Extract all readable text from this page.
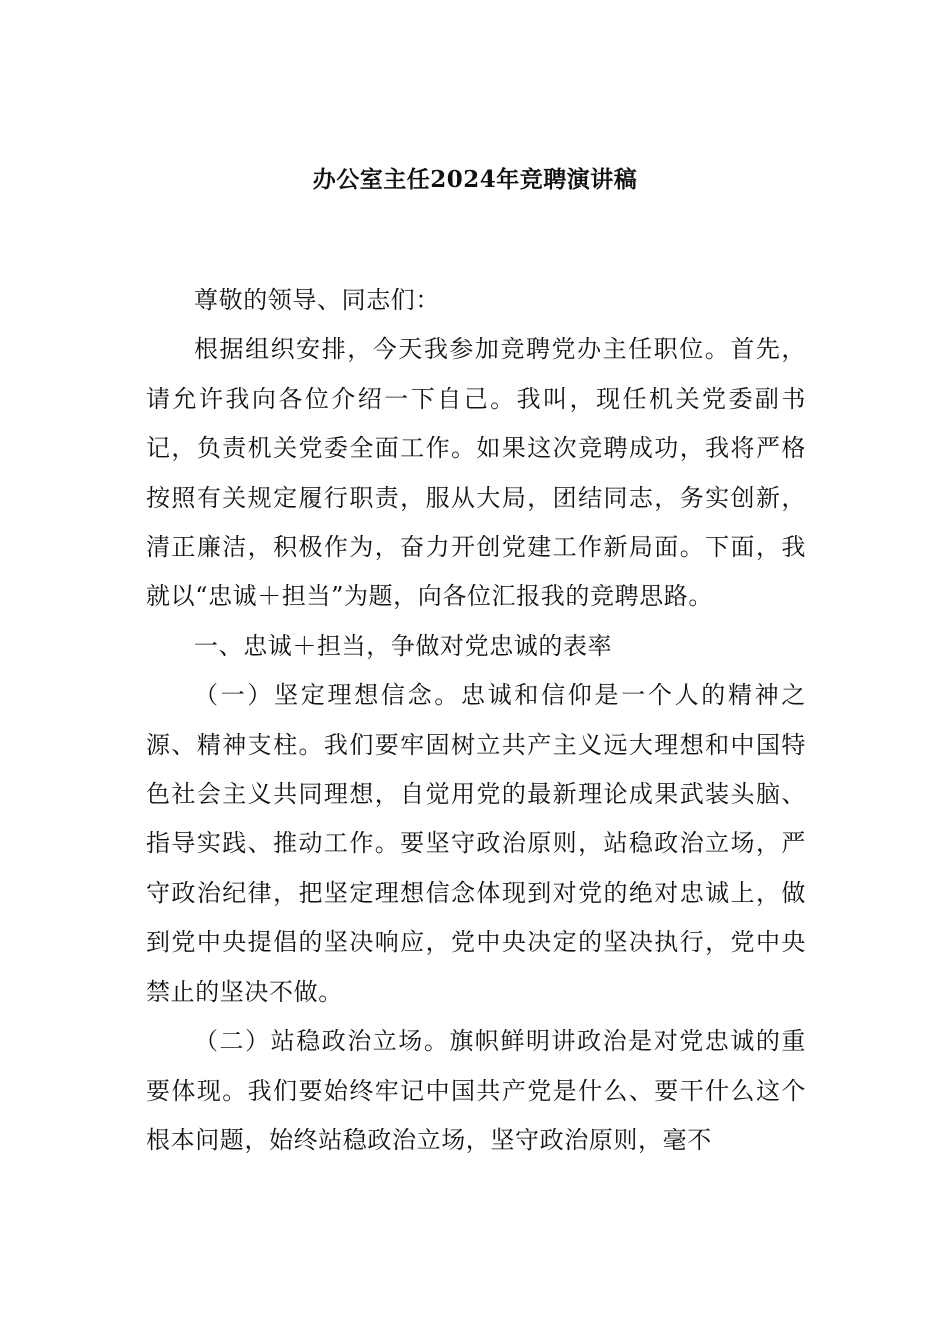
办公室主任2024年竞聘演讲稿

尊敬的领导、同志们：

根据组织安排，今天我参加竞聘党办主任职位。首先，请允许我向各位介绍一下自己。我叫，现任机关党委副书记，负责机关党委全面工作。如果这次竞聘成功，我将严格按照有关规定履行职责，服从大局，团结同志，务实创新，清正廉洁，积极作为，奋力开创党建工作新局面。下面，我就以“忠诚＋担当”为题，向各位汇报我的竞聘思路。

一、忠诚＋担当，争做对党忠诚的表率

（一）坚定理想信念。忠诚和信仰是一个人的精神之源、精神支柱。我们要牢固树立共产主义远大理想和中国特色社会主义共同理想，自觉用党的最新理论成果武装头脑、指导实践、推动工作。要坚守政治原则，站稳政治立场，严守政治纪律，把坚定理想信念体现到对党的绝对忠诚上，做到党中央提倡的坚决响应，党中央决定的坚决执行，党中央禁止的坚决不做。

（二）站稳政治立场。旗帜鲜明讲政治是对党忠诚的重要体现。我们要始终牢记中国共产党是什么、要干什么这个根本问题，始终站稳政治立场，坚守政治原则，毫不
